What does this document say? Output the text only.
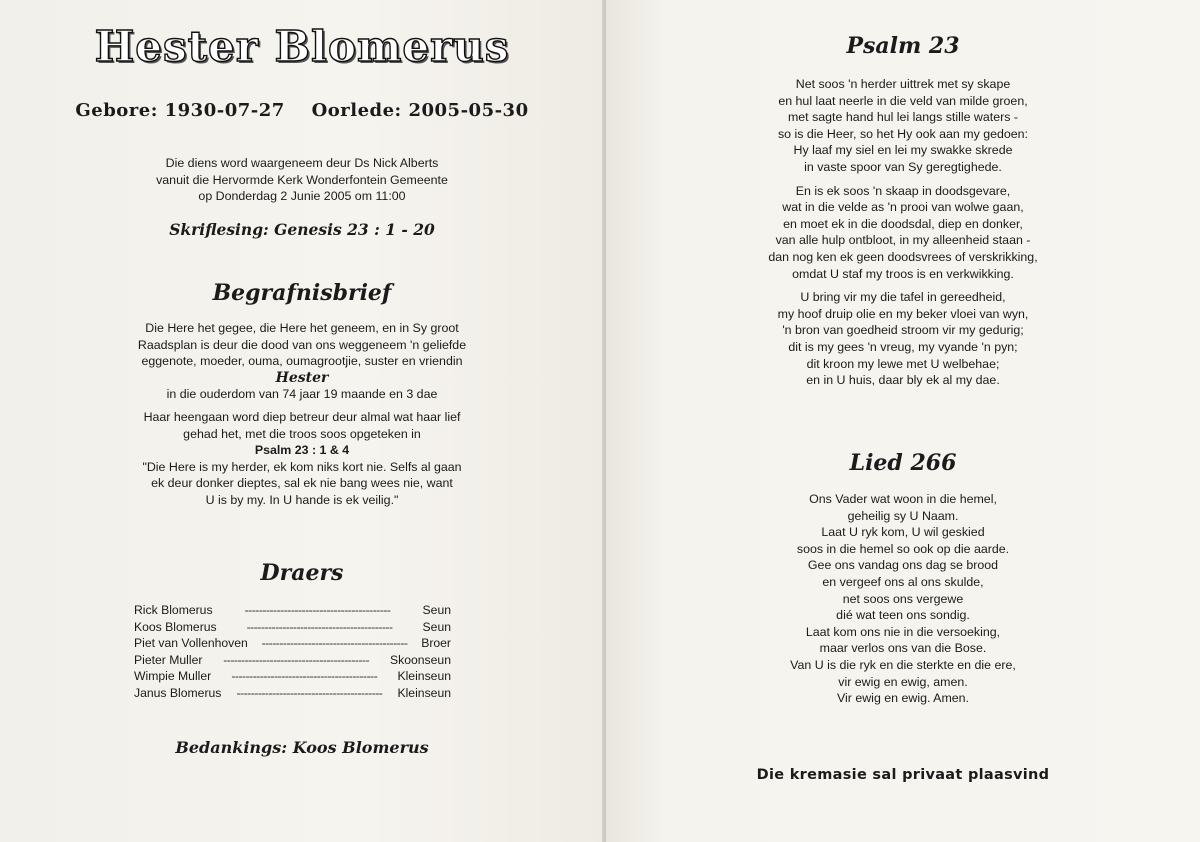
Hester Blomerus
Gebore: 1930-07-27 Oorlede: 2005-05-30
Die diens word waargeneem deur Ds Nick Alberts
vanuit die Hervormde Kerk Wonderfontein Gemeente
op Donderdag 2 Junie 2005 om 11:00
Skriflesing: Genesis 23 : 1 - 20
Begrafnisbrief
Die Here het gegee, die Here het geneem, en in Sy groot
Raadsplan is deur die dood van ons weggeneem 'n geliefde
eggenote, moeder, ouma, oumagrootjie, suster en vriendin
Hester
in die ouderdom van 74 jaar 19 maande en 3 dae
Haar heengaan word diep betreur deur almal wat haar lief
gehad het, met die troos soos opgeteken in
Psalm 23 : 1 & 4
"Die Here is my herder, ek kom niks kort nie. Selfs al gaan
ek deur donker dieptes, sal ek nie bang wees nie, want
U is by my. In U hande is ek veilig."
Draers
Rick Blomerus	-----------------------------------------	Seun
Koos Blomerus	-----------------------------------------	Seun
Piet van Vollenhoven	-----------------------------------------	Broer
Pieter Muller	-----------------------------------------	Skoonseun
Wimpie Muller	-----------------------------------------	Kleinseun
Janus Blomerus	-----------------------------------------	Kleinseun
Bedankings: Koos Blomerus
Psalm 23
Net soos 'n herder uittrek met sy skape
en hul laat neerle in die veld van milde groen,
met sagte hand hul lei langs stille waters -
so is die Heer, so het Hy ook aan my gedoen:
Hy laaf my siel en lei my swakke skrede
in vaste spoor van Sy geregtighede.
En is ek soos 'n skaap in doodsgevare,
wat in die velde as 'n prooi van wolwe gaan,
en moet ek in die doodsdal, diep en donker,
van alle hulp ontbloot, in my alleenheid staan -
dan nog ken ek geen doodsvrees of verskrikking,
omdat U staf my troos is en verkwikking.
U bring vir my die tafel in gereedheid,
my hoof druip olie en my beker vloei van wyn,
'n bron van goedheid stroom vir my gedurig;
dit is my gees 'n vreug, my vyande 'n pyn;
dit kroon my lewe met U welbehae;
en in U huis, daar bly ek al my dae.
Lied 266
Ons Vader wat woon in die hemel,
geheilig sy U Naam.
Laat U ryk kom, U wil geskied
soos in die hemel so ook op die aarde.
Gee ons vandag ons dag se brood
en vergeef ons al ons skulde,
net soos ons vergewe
dié wat teen ons sondig.
Laat kom ons nie in die versoeking,
maar verlos ons van die Bose.
Van U is die ryk en die sterkte en die ere,
vir ewig en ewig, amen.
Vir ewig en ewig. Amen.
Die kremasie sal privaat plaasvind
